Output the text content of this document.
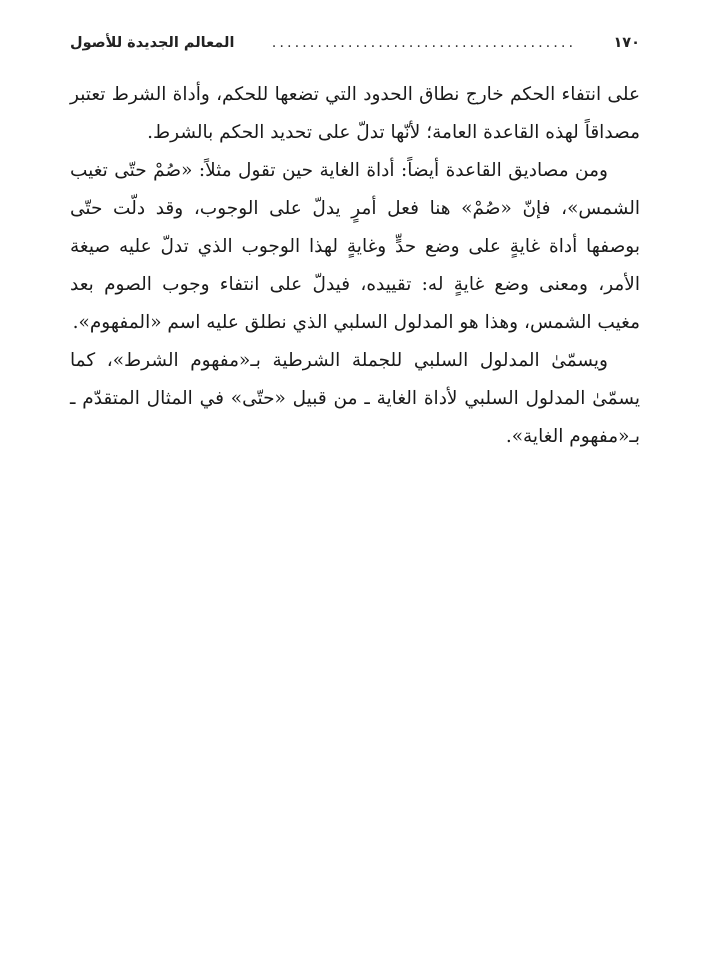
١٧٠
........................................
المعالم الجديدة للأصول

على انتفاء الحكم خارج نطاق الحدود التي تضعها للحكم، وأداة الشرط تعتبر مصداقاً لهذه القاعدة العامة؛ لأنّها تدلّ على تحديد الحكم بالشرط.

ومن مصاديق القاعدة أيضاً: أداة الغاية حين تقول مثلاً: «صُمْ حتّى تغيب الشمس»، فإنّ «صُمْ» هنا فعل أمرٍ يدلّ على الوجوب، وقد دلّت حتّى بوصفها أداة غايةٍ على وضع حدٍّ وغايةٍ لهذا الوجوب الذي تدلّ عليه صيغة الأمر، ومعنى وضع غايةٍ له: تقييده، فيدلّ على انتفاء وجوب الصوم بعد مغيب الشمس، وهذا هو المدلول السلبي الذي نطلق عليه اسم «المفهوم».

ويسمّىٰ المدلول السلبي للجملة الشرطية بـ«مفهوم الشرط»، كما يسمّىٰ المدلول السلبي لأداة الغاية ـ من قبيل «حتّى» في المثال المتقدّم ـ بـ«مفهوم الغاية».
